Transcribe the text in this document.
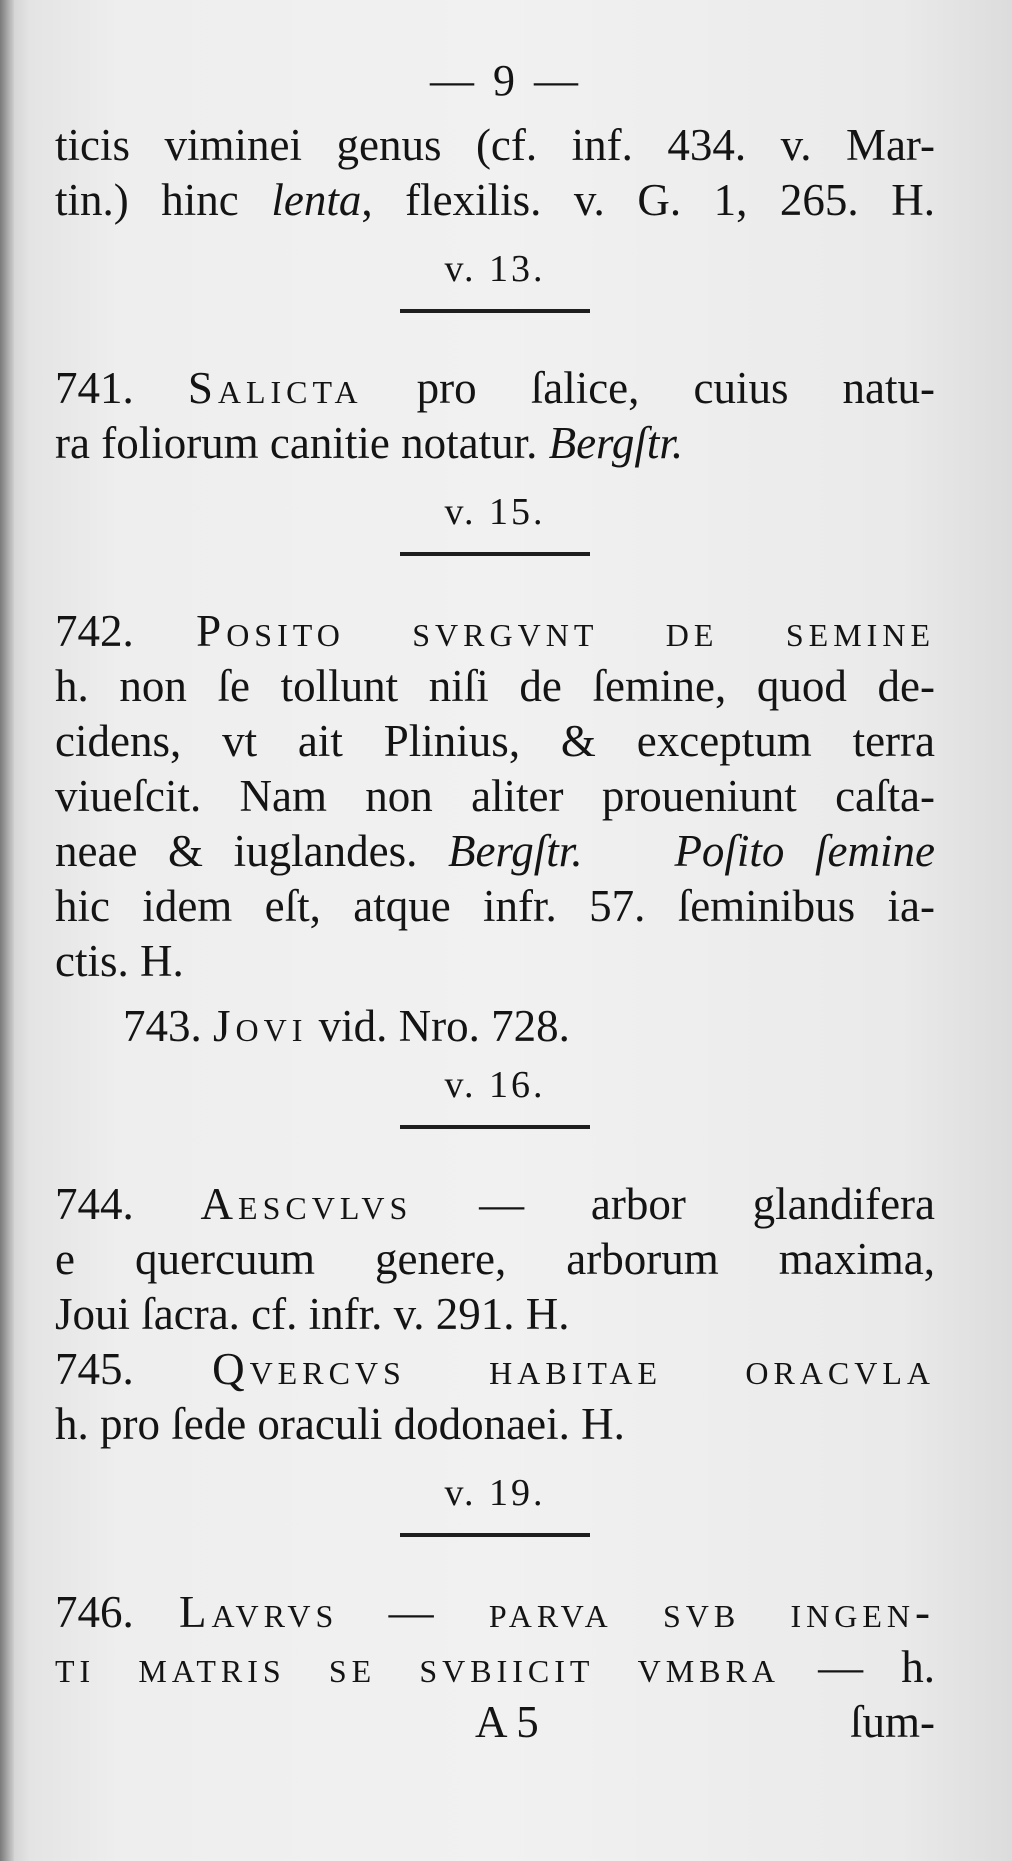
— 9 —
ticis viminei genus (cf. inf. 434. v. Mar-
tin.) hinc lenta, flexilis. v. G. 1, 265. H.
v. 13.
741. Salicta pro ſalice, cuius natu-
ra foliorum canitie notatur. Bergſtr.
v. 15.
742. Posito svrgvnt de semine
h. non ſe tollunt niſi de ſemine, quod de-
cidens, vt ait Plinius, & exceptum terra
viueſcit. Nam non aliter proueniunt caſta-
neae & iuglandes. Bergſtr. Poſito ſemine
hic idem eſt, atque infr. 57. ſeminibus ia-
ctis. H.
743. Jovi vid. Nro. 728.
v. 16.
744. Aescvlvs — arbor glandifera
e quercuum genere, arborum maxima,
Joui ſacra. cf. infr. v. 291. H.
745. Qvercvs habitae oracvla
h. pro ſede oraculi dodonaei. H.
v. 19.
746. Lavrvs — parva svb ingen-
ti matris se svbiicit vmbra — h.
A 5	ſum-
